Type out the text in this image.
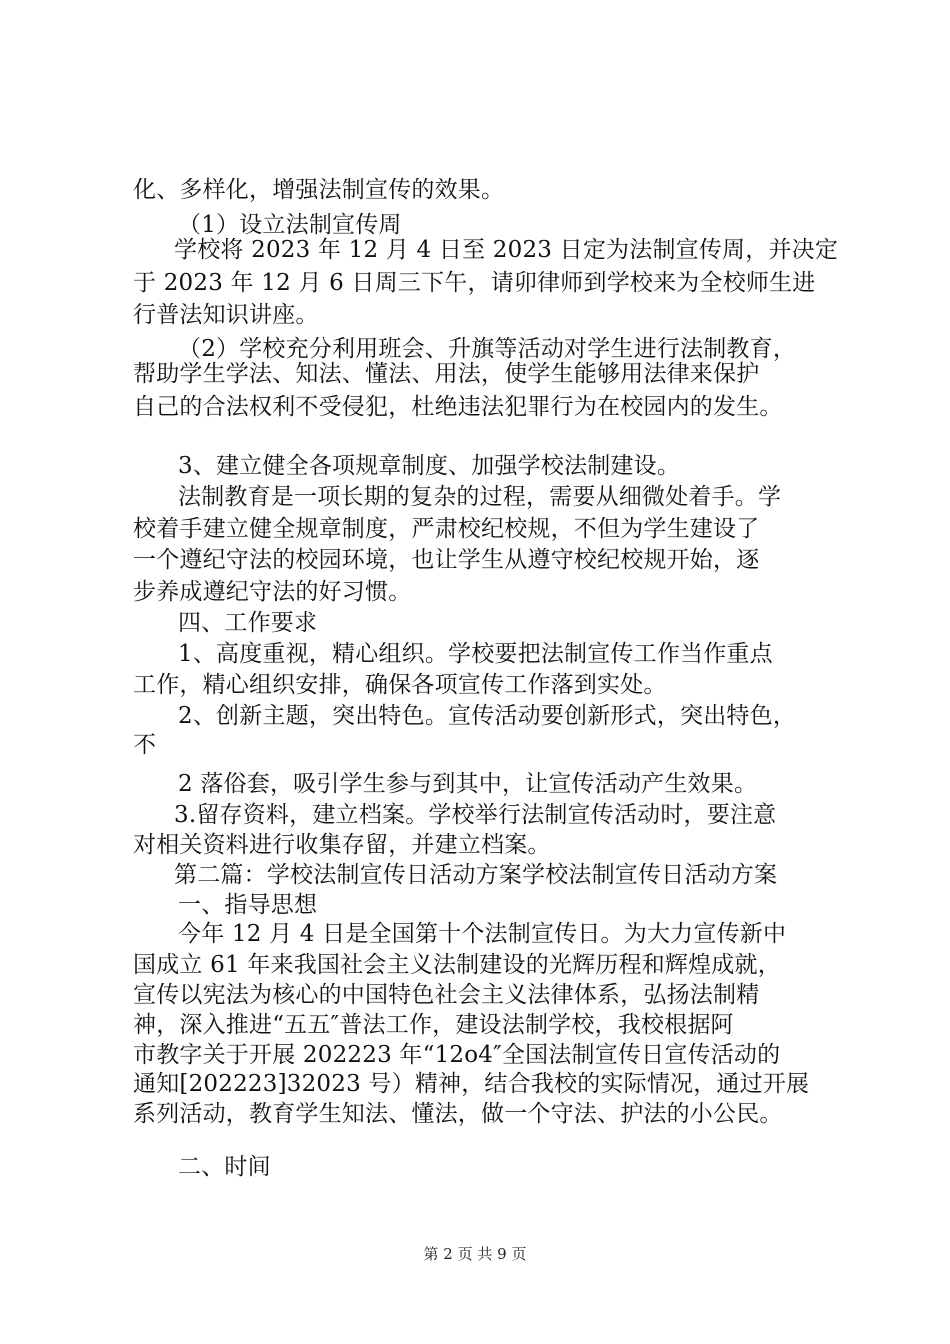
化、多样化，增强法制宣传的效果。
（1）设立法制宣传周
学校将 2023 年 12 月 4 日至 2023 日定为法制宣传周，并决定
于 2023 年 12 月 6 日周三下午，请卯律师到学校来为全校师生进
行普法知识讲座。
（2）学校充分利用班会、升旗等活动对学生进行法制教育，
帮助学生学法、知法、懂法、用法，使学生能够用法律来保护
自己的合法权利不受侵犯，杜绝违法犯罪行为在校园内的发生。
3、建立健全各项规章制度、加强学校法制建设。
法制教育是一项长期的复杂的过程，需要从细微处着手。学
校着手建立健全规章制度，严肃校纪校规，不但为学生建设了
一个遵纪守法的校园环境，也让学生从遵守校纪校规开始，逐
步养成遵纪守法的好习惯。
四、工作要求
1、高度重视，精心组织。学校要把法制宣传工作当作重点
工作，精心组织安排，确保各项宣传工作落到实处。
2、创新主题，突出特色。宣传活动要创新形式，突出特色，
不
2 落俗套，吸引学生参与到其中，让宣传活动产生效果。
3.留存资料，建立档案。学校举行法制宣传活动时，要注意
对相关资料进行收集存留，并建立档案。
第二篇：学校法制宣传日活动方案学校法制宣传日活动方案
一、指导思想
今年 12 月 4 日是全国第十个法制宣传日。为大力宣传新中
国成立 61 年来我国社会主义法制建设的光辉历程和辉煌成就，
宣传以宪法为核心的中国特色社会主义法律体系，弘扬法制精
神，深入推进“五五″普法工作，建设法制学校，我校根据阿
市教字关于开展 202223 年“12o4″全国法制宣传日宣传活动的
通知[202223]32023 号）精神，结合我校的实际情况，通过开展
系列活动，教育学生知法、懂法，做一个守法、护法的小公民。
二、时间
第 2 页 共 9 页
